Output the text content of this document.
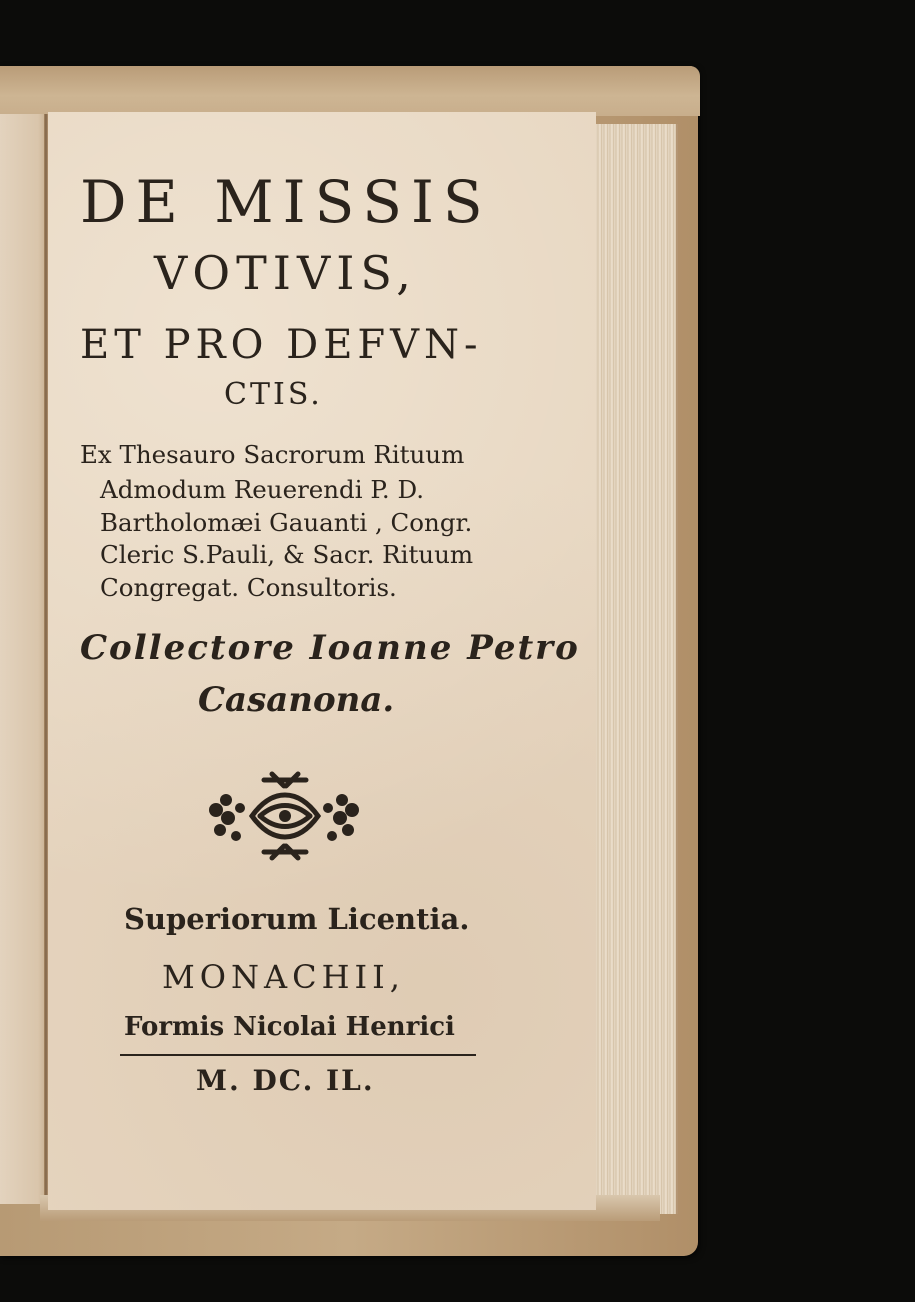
DE MISSIS
VOTIVIS,
ET PRO DEFVN-
CTIS.
Ex Thesauro Sacrorum Rituum
Admodum Reuerendi P. D.
Bartholomæi Gauanti , Congr.
Cleric S.Pauli, & Sacr. Rituum
Congregat. Consultoris.
Collectore Ioanne Petro
Casanona.
Superiorum Licentia.
MONACHII,
Formis Nicolai Henrici
M. DC. IL.
